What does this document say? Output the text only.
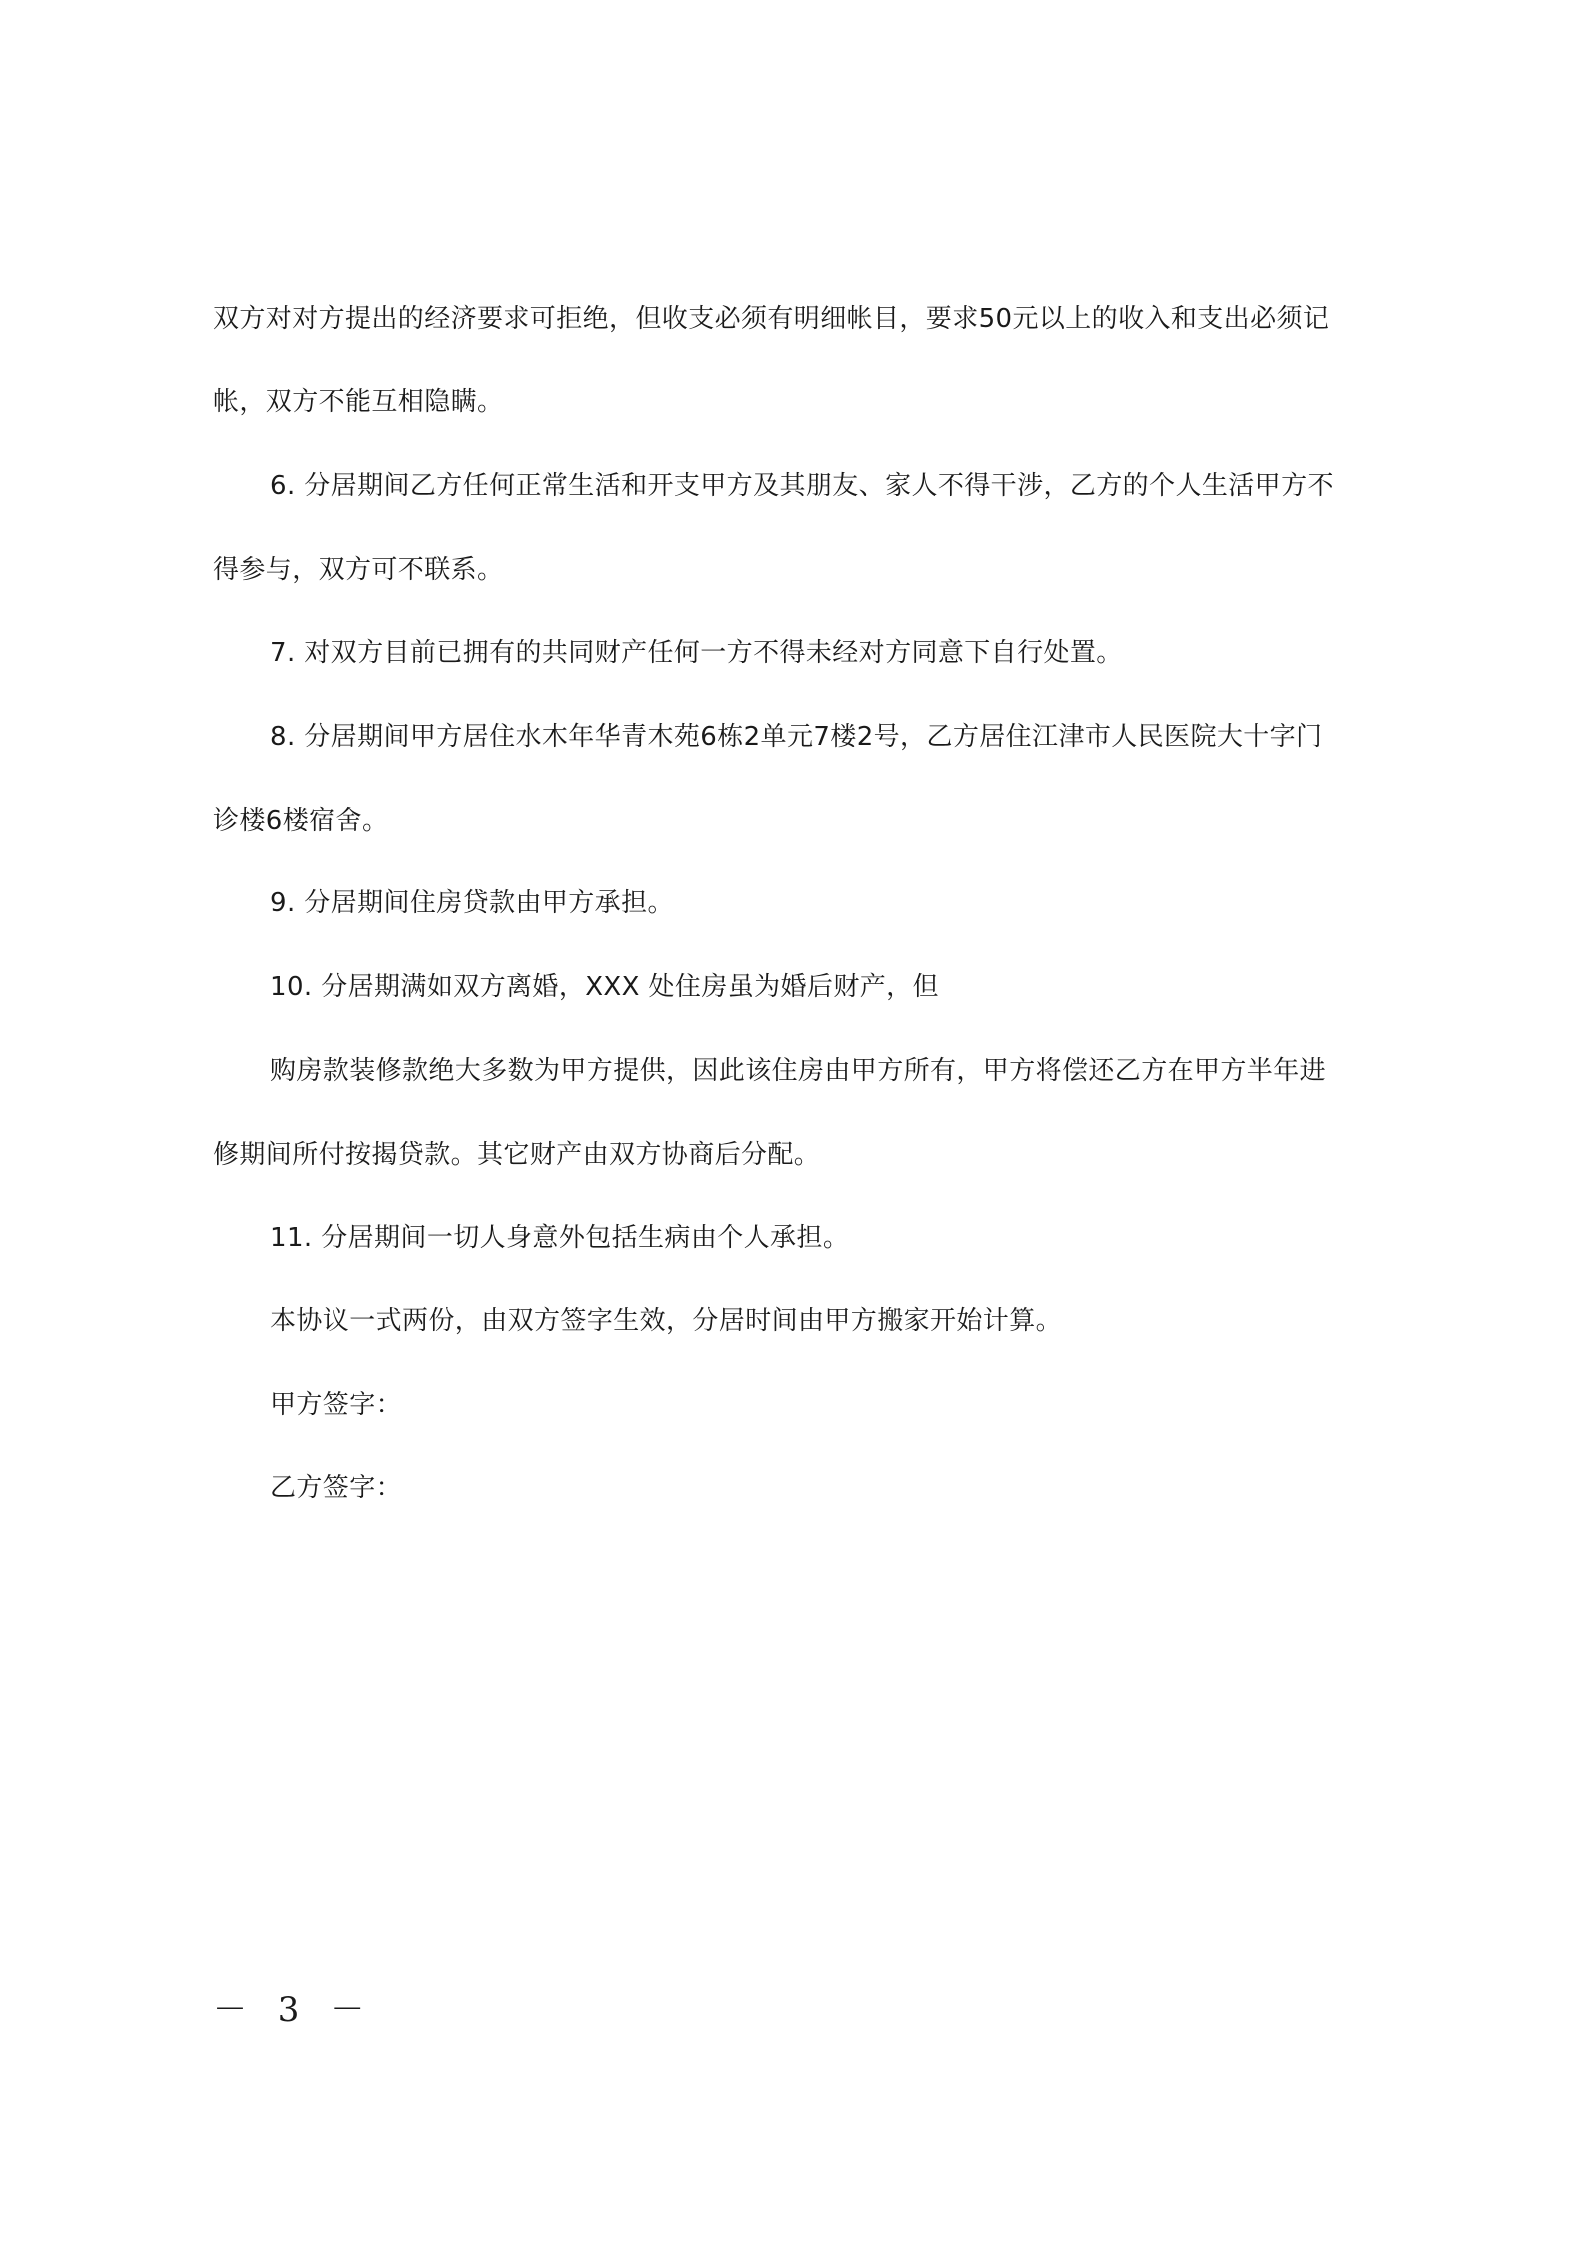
双方对对方提出的经济要求可拒绝，但收支必须有明细帐目，要求50元以上的收入和支出必须记
帐，双方不能互相隐瞒。
6. 分居期间乙方任何正常生活和开支甲方及其朋友、家人不得干涉，乙方的个人生活甲方不
得参与，双方可不联系。
7. 对双方目前已拥有的共同财产任何一方不得未经对方同意下自行处置。
8. 分居期间甲方居住水木年华青木苑6栋2单元7楼2号，乙方居住江津市人民医院大十字门
诊楼6楼宿舍。
9. 分居期间住房贷款由甲方承担。
10. 分居期满如双方离婚，XXX 处住房虽为婚后财产，但
购房款装修款绝大多数为甲方提供，因此该住房由甲方所有，甲方将偿还乙方在甲方半年进
修期间所付按揭贷款。其它财产由双方协商后分配。
11. 分居期间一切人身意外包括生病由个人承担。
本协议一式两份，由双方签字生效，分居时间由甲方搬家开始计算。
甲方签字：
乙方签字：
－ 3 －
